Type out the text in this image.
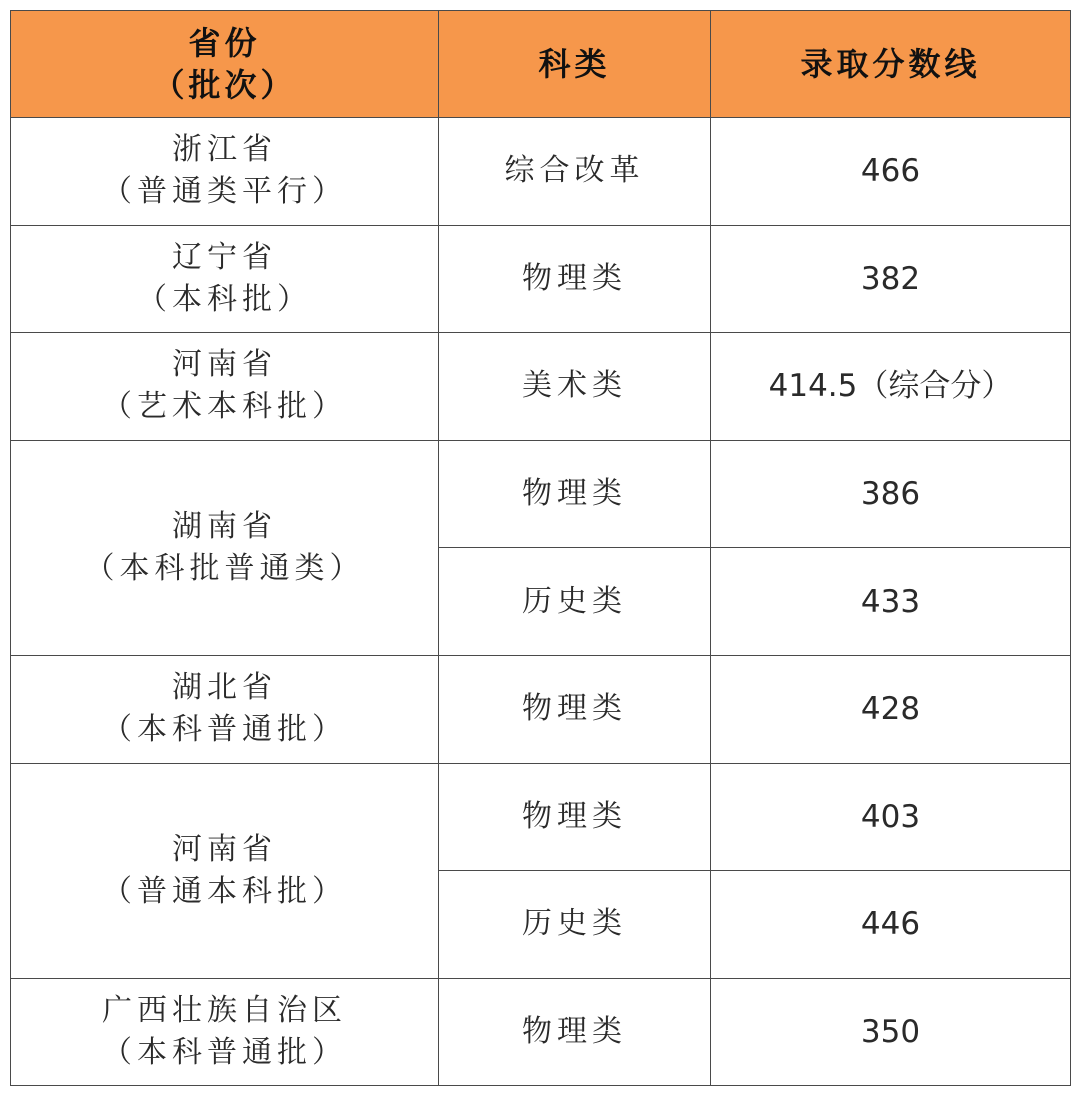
省份
（批次）	科类	录取分数线

浙江省
（普通类平行）	综合改革	466

辽宁省
（本科批）	物理类	382

河南省
（艺术本科批）	美术类	414.5（综合分）

湖南省
（本科批普通类）	物理类	386
	历史类	433

湖北省
（本科普通批）	物理类	428

河南省
（普通本科批）	物理类	403
	历史类	446

广西壮族自治区
（本科普通批）	物理类	350
